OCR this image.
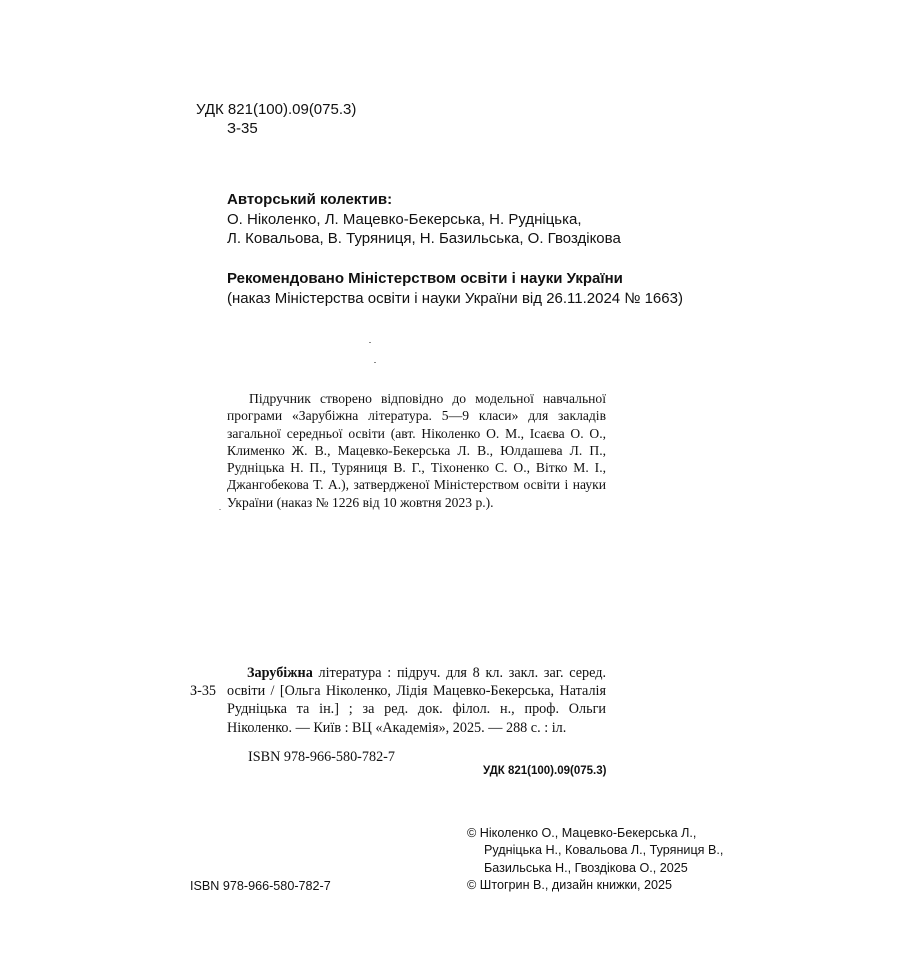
УДК 821(100).09(075.3)
З-35
Авторський колектив:
О. Ніколенко, Л. Мацевко-Бекерська, Н. Рудніцька,
Л. Ковальова, В. Туряниця, Н. Базильська, О. Гвоздікова
Рекомендовано Міністерством освіти і науки України
(наказ Міністерства освіти і науки України від 26.11.2024 № 1663)

Підручник створено відповідно до модельної навчальної програми «Зарубіжна література. 5—9 класи» для закладів загальної середньої освіти (авт. Ніколенко О. М., Ісаєва О. О., Клименко Ж. В., Мацевко-Бекерська Л. В., Юлдашева Л. П., Рудніцька Н. П., Туряниця В. Г., Тіхоненко С. О., Вітко М. І., Джангобекова Т. А.), затвердженої Міністерством освіти і науки України (наказ № 1226 від 10 жовтня 2023 р.).

З-35

Зарубіжна література : підруч. для 8 кл. закл. заг. серед. освіти / [Ольга Ніколенко, Лідія Мацевко-Бекерська, Наталія Рудніцька та ін.] ; за ред. док. філол. н., проф. Ольги Ніколенко. — Київ : ВЦ «Академія», 2025. — 288 с. : іл.

ISBN 978-966-580-782-7
УДК 821(100).09(075.3)
© Ніколенко О., Мацевко-Бекерська Л.,
Рудніцька Н., Ковальова Л., Туряниця В.,
Базильська Н., Гвоздікова О., 2025
© Штогрин В., дизайн книжки, 2025
ISBN 978-966-580-782-7
